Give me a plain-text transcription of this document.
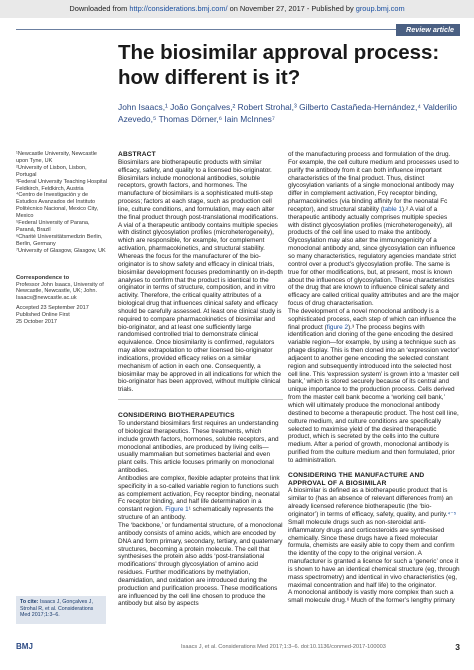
Downloaded from http://considerations.bmj.com/ on November 27, 2017 - Published by group.bmj.com
Review article
The biosimilar approval process: how different is it?

John Isaacs,¹ João Gonçalves,² Robert Strohal,³ Gilberto Castañeda-Hernández,⁴ Valderilio Azevedo,⁵ Thomas Dörner,⁶ Iain McInnes⁷

¹Newcastle University, Newcastle upon Tyne, UK

²University of Lisbon, Lisbon, Portugal

³Federal University Teaching Hospital Feldkirch, Feldkirch, Austria

⁴Centro de Investigación y de Estudios Avanzados del Instituto Politécnico Nacional, Mexico City, Mexico

⁵Federal University of Parana, Paraná, Brazil

⁶Charité Universitätsmedizin Berlin, Berlin, Germany

⁷University of Glasgow, Glasgow, UK

Correspondence to

Professor John Isaacs, University of Newcastle, Newcastle, UK; John. Isaacs@newcastle.ac.uk

Accepted 23 September 2017

Published Online First

25 October 2017

To cite: Isaacs J, Gonçalves J, Strohal R, et al. Considerations Med 2017;1:3–6.

ABSTRACT

Biosimilars are biotherapeutic products with similar efficacy, safety, and quality to a licensed bio-originator. Biosimilars include monoclonal antibodies, soluble receptors, growth factors, and hormones. The manufacture of biosimilars is a sophisticated multi-step process; factors at each stage, such as production cell line, culture conditions, and formulation, may each alter the final product through post-translational modifications. A vial of a therapeutic antibody contains multiple species with distinct glycosylation profiles (microheterogeneity), which are responsible, for example, for complement activation, pharmacokinetics, and structural stability. Whereas the focus for the manufacturer of the bio-originator is to show safety and efficacy in clinical trials, biosimilar development focuses predominantly on in-depth analyses to confirm that the product is identical to the originator in terms of structure, composition, and in vitro activity. Therefore, the critical quality attributes of a biological drug that influences clinical safety and efficacy should be carefully assessed. At least one clinical study is required to compare pharmacokinetics of biosimilar and bio-originator, and at least one sufficiently large randomised controlled trial to demonstrate clinical equivalence. Once biosimilarity is confirmed, regulators may allow extrapolation to other licensed bio-originator indications, provided efficacy relies on a similar mechanism of action in each one. Consequently, a biosimilar may be approved in all indications for which the bio-originator has been approved, without multiple clinical trials.

CONSIDERING BIOTHERAPEUTICS

To understand biosimilars first requires an understanding of biological therapeutics. These treatments, which include growth factors, hormones, soluble receptors, and monoclonal antibodies, are produced by living cells—usually mammalian but sometimes bacterial and even plant cells. This article focuses primarily on monoclonal antibodies.

Antibodies are complex, flexible adapter proteins that link specificity in a so-called variable region to functions such as complement activation, Fcγ receptor binding, neonatal Fc receptor binding, and half life determination in a constant region. Figure 1¹ schematically represents the structure of an antibody.

The ‘backbone,’ or fundamental structure, of a monoclonal antibody consists of amino acids, which are encoded by DNA and form primary, secondary, tertiary, and quaternary structures, becoming a protein molecule. The cell that synthesises the protein also adds ‘post-translational modifications’ through glycosylation of amino acid residues. Further modifications by methylation, deamidation, and oxidation are introduced during the production and purification process. These modifications are influenced by the cell line chosen to produce the antibody but also by aspects

of the manufacturing process and formulation of the drug. For example, the cell culture medium and processes used to purify the antibody from it can both influence important characteristics of the final product. Thus, distinct glycosylation variants of a single monoclonal antibody may differ in complement activation, Fcγ receptor binding, pharmacokinetics (via binding affinity for the neonatal Fc receptor), and structural stability (table 1).² A vial of a therapeutic antibody actually comprises multiple species with distinct glycosylation profiles (microheterogeneity), all products of the cell line used to make the antibody.

Glycosylation may also alter the immunogenicity of a monoclonal antibody and, since glycosylation can influence so many characteristics, regulatory agencies mandate strict control over a product’s glycosylation profile. The same is true for other modifications, but, at present, most is known about the influences of glycosylation. These characteristics of the drug that are known to influence clinical safety and efficacy are called critical quality attributes and are the major focus of drug characterisation.

The development of a novel monoclonal antibody is a sophisticated process, each step of which can influence the final product (figure 2).³ The process begins with identification and cloning of the gene encoding the desired variable region—for example, by using a technique such as phage display. This is then cloned into an ‘expression vector’ adjacent to another gene encoding the selected constant region and subsequently introduced into the selected host cell line. This ‘expression system’ is grown into a ‘master cell bank,’ which is stored securely because of its central and unique importance to the production process. Cells derived from the master cell bank become a ‘working cell bank,’ which will ultimately produce the monoclonal antibody destined to become a therapeutic product. The host cell line, culture medium, and culture conditions are specifically selected to maximise yield of the desired therapeutic product, which is secreted by the cells into the culture medium. After a period of growth, monoclonal antibody is purified from the culture medium and then formulated, prior to administration.

CONSIDERING THE MANUFACTURE AND APPROVAL OF A BIOSIMILAR

A biosimilar is defined as a biotherapeutic product that is similar to (has an absence of relevant differences from) an already licensed reference biotherapeutic (the ‘bio-originator’) in terms of efficacy, safety, quality, and purity.⁴⁻⁵ Small molecule drugs such as non-steroidal anti-inflammatory drugs and corticosteroids are synthesised chemically. Since these drugs have a fixed molecular formula, chemists are easily able to copy them and confirm the identity of the copy to the original version. A manufacturer is granted a licence for such a ‘generic’ once it is shown to have an identical chemical structure (eg, through mass spectrometry) and identical in vivo characteristics (eg, maximal concentration and half life) to the originator.

A monoclonal antibody is vastly more complex than such a small molecule drug.⁶ Much of the former’s lengthy primary

BMJ	Isaacs J, et al. Considerations Med 2017;1:3–6. doi:10.1136/conmed-2017-100003	3
